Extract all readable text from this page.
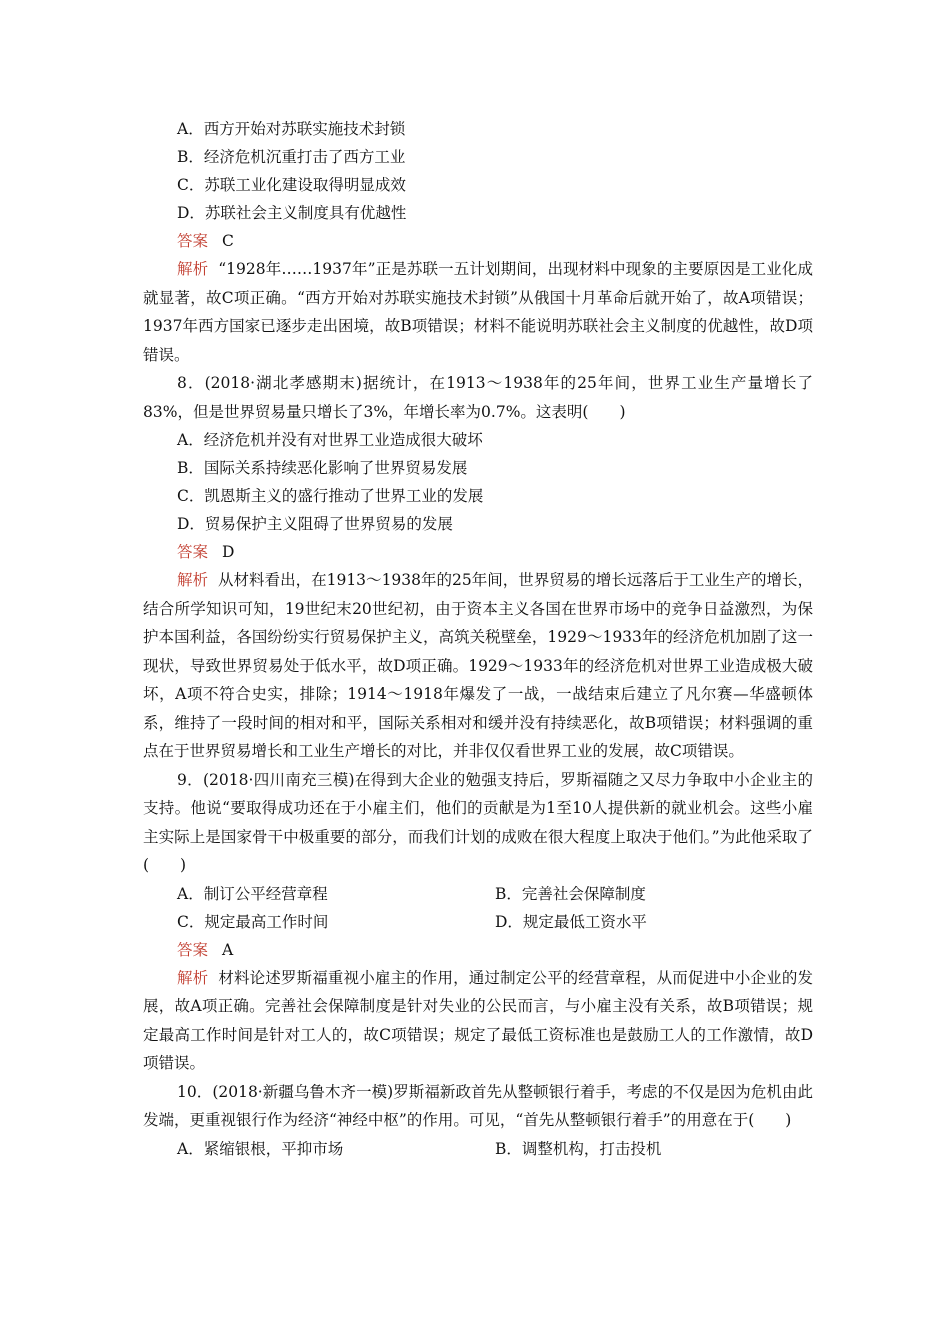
A．西方开始对苏联实施技术封锁
B．经济危机沉重打击了西方工业
C．苏联工业化建设取得明显成效
D．苏联社会主义制度具有优越性
答案 C
解析 “1928年……1937年”正是苏联一五计划期间，出现材料中现象的主要原因是工业化成就显著，故C项正确。“西方开始对苏联实施技术封锁”从俄国十月革命后就开始了，故A项错误；1937年西方国家已逐步走出困境，故B项错误；材料不能说明苏联社会主义制度的优越性，故D项错误。
8．(2018·湖北孝感期末)据统计，在1913～1938年的25年间，世界工业生产量增长了83%，但是世界贸易量只增长了3%，年增长率为0.7%。这表明(　　)
A．经济危机并没有对世界工业造成很大破坏
B．国际关系持续恶化影响了世界贸易发展
C．凯恩斯主义的盛行推动了世界工业的发展
D．贸易保护主义阻碍了世界贸易的发展
答案 D
解析 从材料看出，在1913～1938年的25年间，世界贸易的增长远落后于工业生产的增长，结合所学知识可知，19世纪末20世纪初，由于资本主义各国在世界市场中的竞争日益激烈，为保护本国利益，各国纷纷实行贸易保护主义，高筑关税壁垒，1929～1933年的经济危机加剧了这一现状，导致世界贸易处于低水平，故D项正确。1929～1933年的经济危机对世界工业造成极大破坏，A项不符合史实，排除；1914～1918年爆发了一战，一战结束后建立了凡尔赛—华盛顿体系，维持了一段时间的相对和平，国际关系相对和缓并没有持续恶化，故B项错误；材料强调的重点在于世界贸易增长和工业生产增长的对比，并非仅仅看世界工业的发展，故C项错误。
9．(2018·四川南充三模)在得到大企业的勉强支持后，罗斯福随之又尽力争取中小企业主的支持。他说“要取得成功还在于小雇主们，他们的贡献是为1至10人提供新的就业机会。这些小雇主实际上是国家骨干中极重要的部分，而我们计划的成败在很大程度上取决于他们。”为此他采取了(　　)
A．制订公平经营章程	B．完善社会保障制度
C．规定最高工作时间	D．规定最低工资水平
答案 A
解析 材料论述罗斯福重视小雇主的作用，通过制定公平的经营章程，从而促进中小企业的发展，故A项正确。完善社会保障制度是针对失业的公民而言，与小雇主没有关系，故B项错误；规定最高工作时间是针对工人的，故C项错误；规定了最低工资标准也是鼓励工人的工作激情，故D项错误。
10．(2018·新疆乌鲁木齐一模)罗斯福新政首先从整顿银行着手，考虑的不仅是因为危机由此发端，更重视银行作为经济“神经中枢”的作用。可见，“首先从整顿银行着手”的用意在于(　　)
A．紧缩银根，平抑市场	B．调整机构，打击投机
